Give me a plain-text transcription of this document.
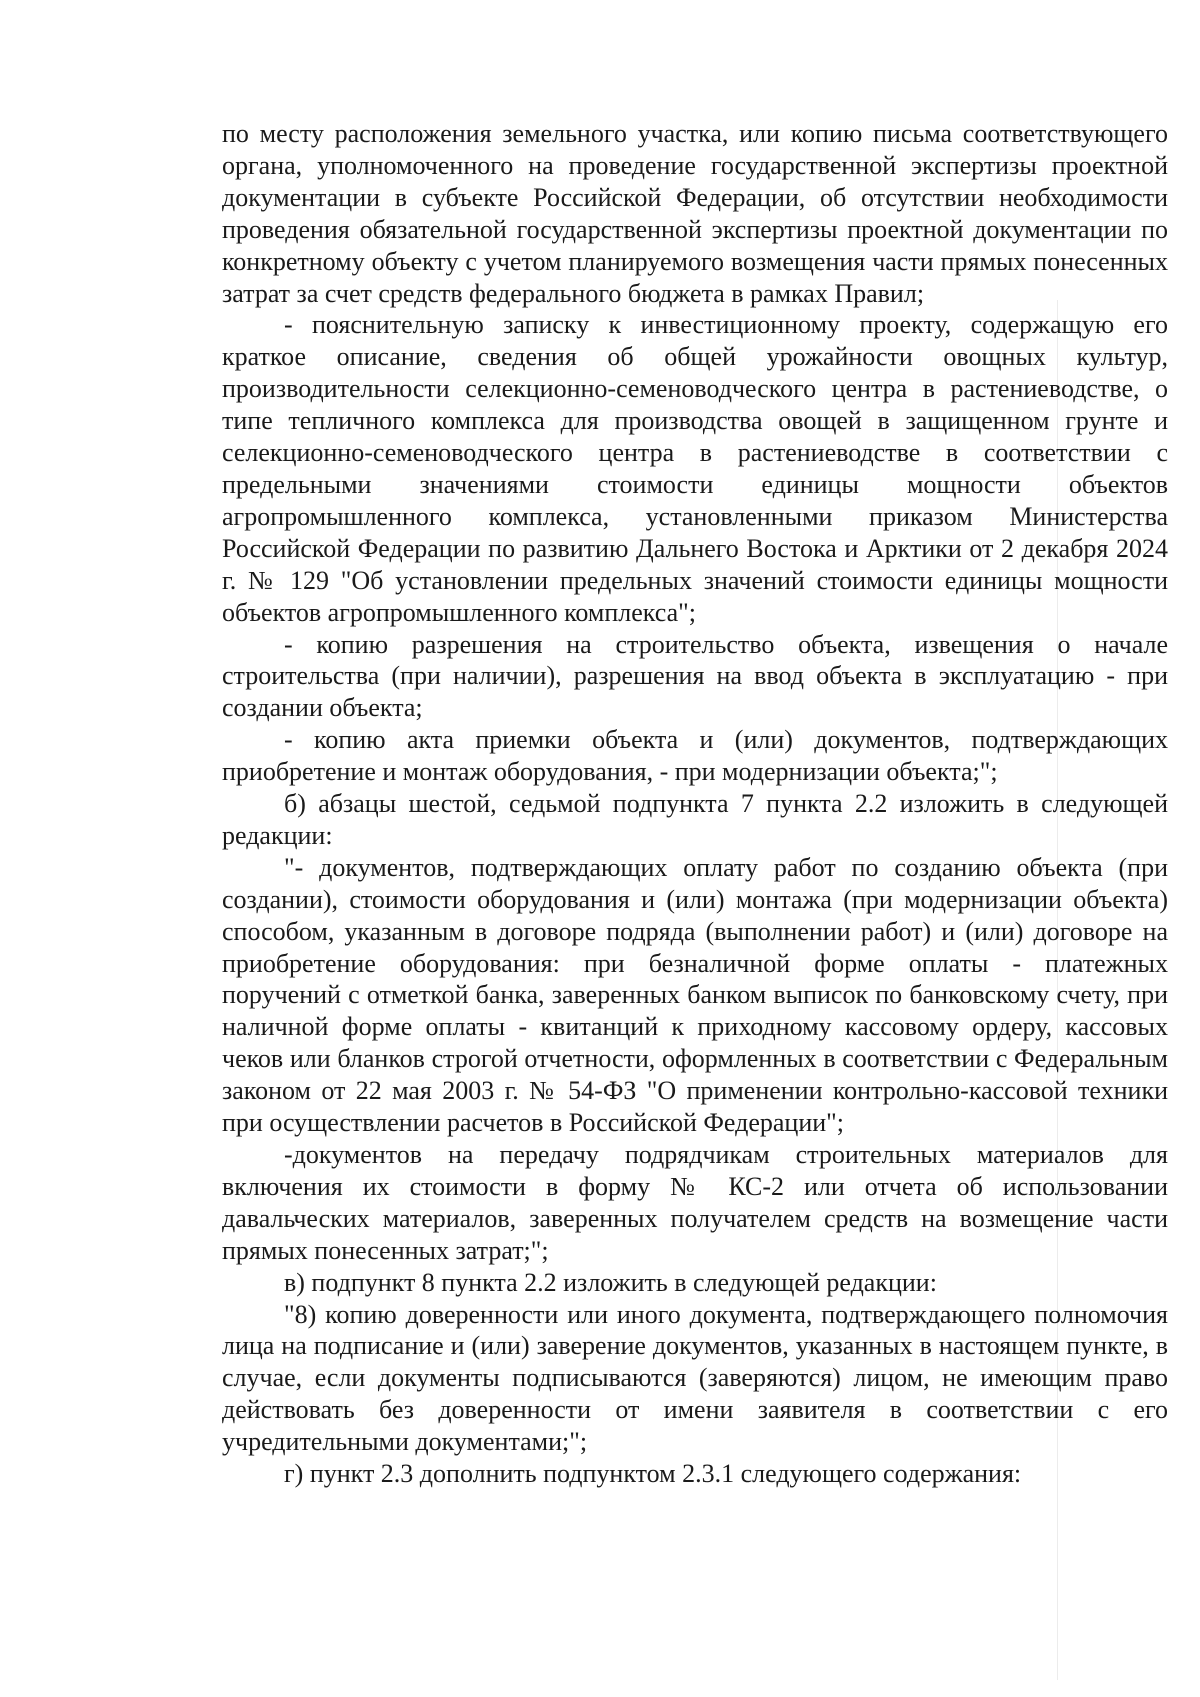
по месту расположения земельного участка, или копию письма соответствующего органа, уполномоченного на проведение государственной экспертизы проектной документации в субъекте Российской Федерации, об отсутствии необходимости проведения обязательной государственной экспертизы проектной документации по конкретному объекту с учетом планируемого возмещения части прямых понесенных затрат за счет средств федерального бюджета в рамках Правил;

- пояснительную записку к инвестиционному проекту, содержащую его краткое описание, сведения об общей урожайности овощных культур, производительности селекционно-семеноводческого центра в растениеводстве, о типе тепличного комплекса для производства овощей в защищенном грунте и селекционно-семеноводческого центра в растениеводстве в соответствии с предельными значениями стоимости единицы мощности объектов агропромышленного комплекса, установленными приказом Министерства Российской Федерации по развитию Дальнего Востока и Арктики от 2 декабря 2024 г. № 129 "Об установлении предельных значений стоимости единицы мощности объектов агропромышленного комплекса";

- копию разрешения на строительство объекта, извещения о начале строительства (при наличии), разрешения на ввод объекта в эксплуатацию - при создании объекта;

- копию акта приемки объекта и (или) документов, подтверждающих приобретение и монтаж оборудования, - при модернизации объекта;";

б) абзацы шестой, седьмой подпункта 7 пункта 2.2 изложить в следующей редакции:

"- документов, подтверждающих оплату работ по созданию объекта (при создании), стоимости оборудования и (или) монтажа (при модернизации объекта) способом, указанным в договоре подряда (выполнении работ) и (или) договоре на приобретение оборудования: при безналичной форме оплаты - платежных поручений с отметкой банка, заверенных банком выписок по банковскому счету, при наличной форме оплаты - квитанций к приходному кассовому ордеру, кассовых чеков или бланков строгой отчетности, оформленных в соответствии с Федеральным законом от 22 мая 2003 г. № 54-ФЗ "О применении контрольно-кассовой техники при осуществлении расчетов в Российской Федерации";

-документов на передачу подрядчикам строительных материалов для включения их стоимости в форму № КС-2 или отчета об использовании давальческих материалов, заверенных получателем средств на возмещение части прямых понесенных затрат;";

в) подпункт 8 пункта 2.2 изложить в следующей редакции:

"8) копию доверенности или иного документа, подтверждающего полномочия лица на подписание и (или) заверение документов, указанных в настоящем пункте, в случае, если документы подписываются (заверяются) лицом, не имеющим право действовать без доверенности от имени заявителя в соответствии с его учредительными документами;";

г) пункт 2.3 дополнить подпунктом 2.3.1 следующего содержания:
